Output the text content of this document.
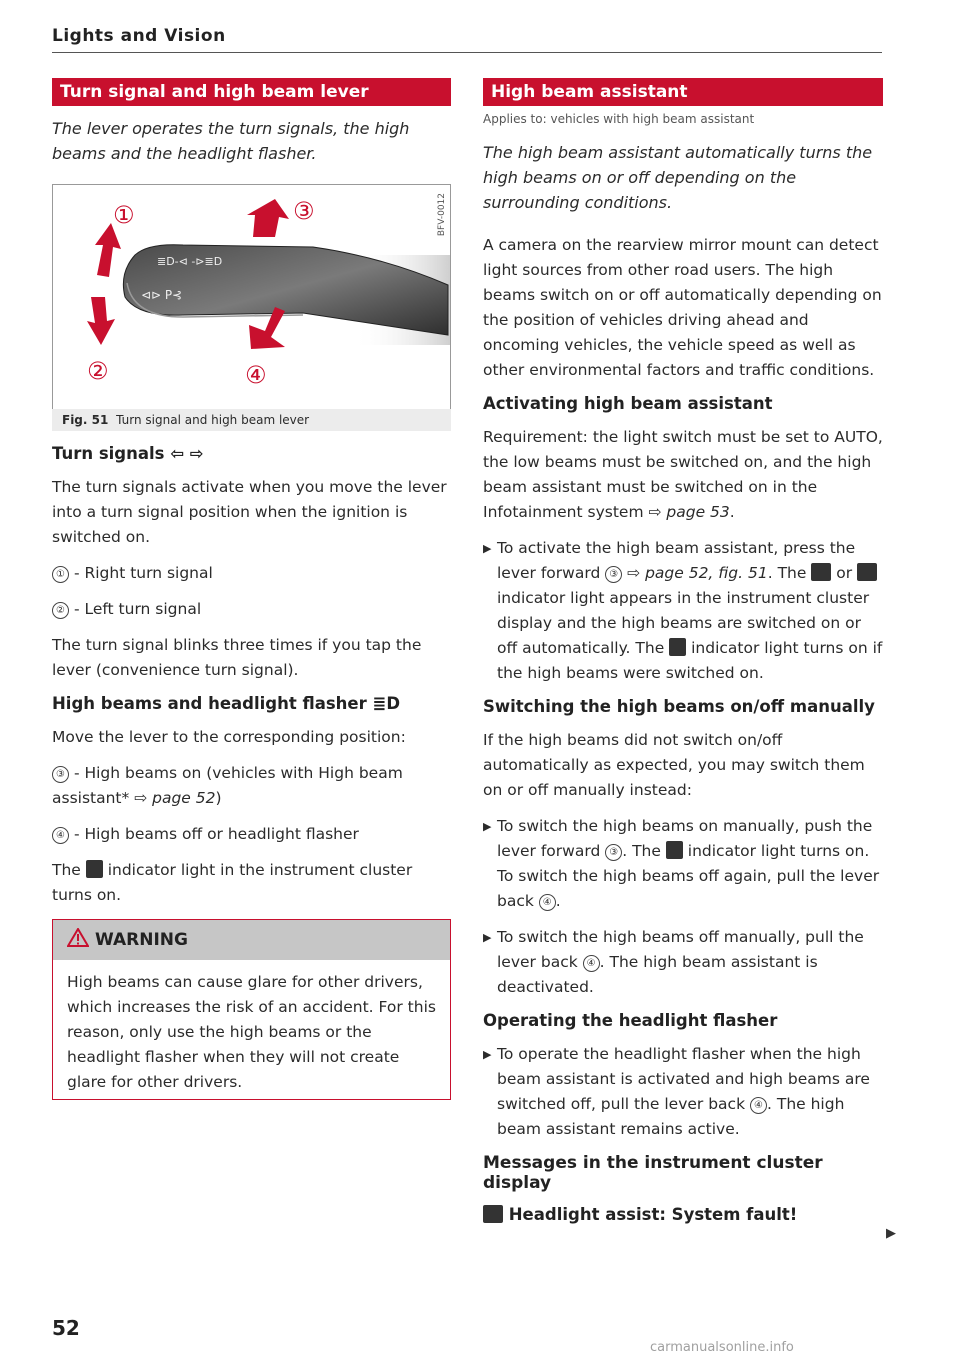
Lights and Vision
Turn signal and high beam lever
The lever operates the turn signals, the high beams and the headlight flasher.
≣D‑⊲ ‑⊳≣D
⊲⊳ P⊰
①
②
③
④
BFV-0012
Fig. 51 Turn signal and high beam lever
Turn signals ⇦ ⇨

The turn signals activate when you move the lever into a turn signal position when the ignition is switched on.

① - Right turn signal

② - Left turn signal

The turn signal blinks three times if you tap the lever (convenience turn signal).

High beams and headlight flasher ≣D

Move the lever to the corresponding position:

③ - High beams on (vehicles with High beam assistant* ⇨ page 52)

④ - High beams off or headlight flasher

The indicator light in the instrument cluster turns on.

WARNING
High beams can cause glare for other drivers, which increases the risk of an accident. For this reason, only use the high beams or the headlight flasher when they will not create glare for other drivers.
High beam assistant
Applies to: vehicles with high beam assistant
The high beam assistant automatically turns the high beams on or off depending on the surrounding conditions.

A camera on the rearview mirror mount can detect light sources from other road users. The high beams switch on or off automatically depending on the position of vehicles driving ahead and oncoming vehicles, the vehicle speed as well as other environmental factors and traffic conditions.

Activating high beam assistant

Requirement: the light switch must be set to AUTO, the low beams must be switched on, and the high beam assistant must be switched on in the Infotainment system ⇨ page 53.

▶ To activate the high beam assistant, press the lever forward ③ ⇨ page 52, fig. 51. The or  indicator light appears in the instrument cluster display and the high beams are switched on or off automatically. The indicator light turns on if the high beams were switched on.

Switching the high beams on/off manually

If the high beams did not switch on/off automatically as expected, you may switch them on or off manually instead:

▶ To switch the high beams on manually, push the lever forward ③ . The indicator light turns on. To switch the high beams off again, pull the lever back ④ .

▶ To switch the high beams off manually, pull the lever back ④ . The high beam assistant is deactivated.

Operating the headlight flasher

▶ To operate the headlight flasher when the high beam assistant is activated and high beams are switched off, pull the lever back ④ . The high beam assistant remains active.

Messages in the instrument cluster display
Headlight assist: System fault!
▶
52
carmanualsonline.info
